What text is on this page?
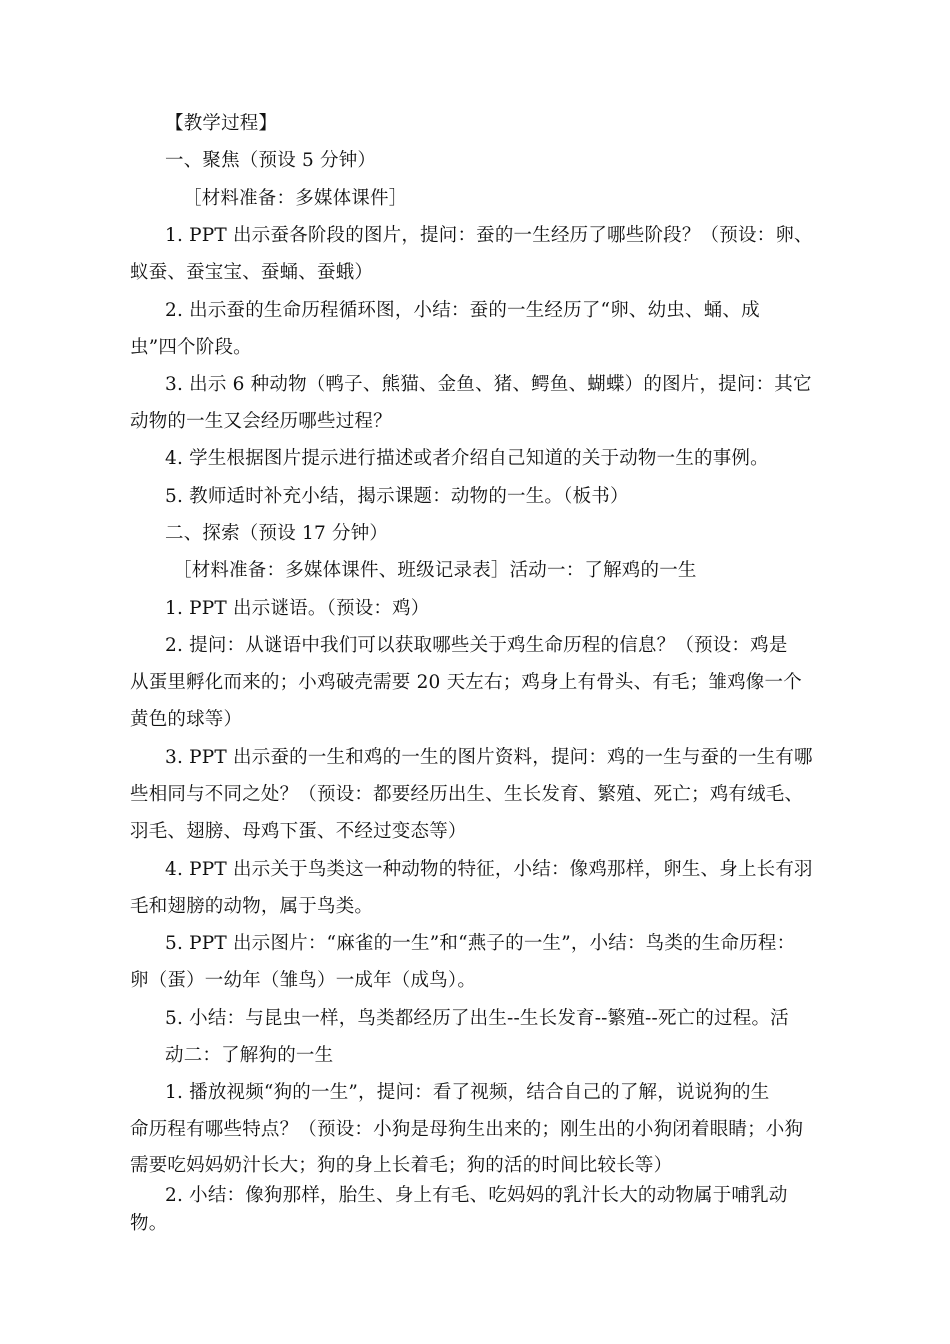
【教学过程】
一、聚焦（预设 5 分钟）
［材料准备：多媒体课件］
1. PPT 出示蚕各阶段的图片，提问：蚕的一生经历了哪些阶段？（预设：卵、
蚁蚕、蚕宝宝、蚕蛹、蚕蛾）
2. 出示蚕的生命历程循环图，小结：蚕的一生经历了“卵、幼虫、蛹、成
虫”四个阶段。
3. 出示 6 种动物（鸭子、熊猫、金鱼、猪、鳄鱼、蝴蝶）的图片，提问：其它
动物的一生又会经历哪些过程？
4. 学生根据图片提示进行描述或者介绍自己知道的关于动物一生的事例。
5. 教师适时补充小结，揭示课题：动物的一生。（板书）
二、探索（预设 17 分钟）
［材料准备：多媒体课件、班级记录表］活动一：了解鸡的一生
1. PPT 出示谜语。（预设：鸡）
2. 提问：从谜语中我们可以获取哪些关于鸡生命历程的信息？（预设：鸡是
从蛋里孵化而来的；小鸡破壳需要 20 天左右；鸡身上有骨头、有毛；雏鸡像一个
黄色的球等）
3. PPT 出示蚕的一生和鸡的一生的图片资料，提问：鸡的一生与蚕的一生有哪
些相同与不同之处？（预设：都要经历出生、生长发育、繁殖、死亡；鸡有绒毛、
羽毛、翅膀、母鸡下蛋、不经过变态等）
4. PPT 出示关于鸟类这一种动物的特征，小结：像鸡那样，卵生、身上长有羽
毛和翅膀的动物，属于鸟类。
5. PPT 出示图片：“麻雀的一生”和“燕子的一生”，小结：鸟类的生命历程：
卵（蛋）一幼年（雏鸟）一成年（成鸟）。
5. 小结：与昆虫一样，鸟类都经历了出生--生长发育--繁殖--死亡的过程。活
动二：了解狗的一生
1. 播放视频“狗的一生”，提问：看了视频，结合自己的了解，说说狗的生
命历程有哪些特点？（预设：小狗是母狗生出来的；刚生出的小狗闭着眼睛；小狗
需要吃妈妈奶汁长大；狗的身上长着毛；狗的活的时间比较长等）
2. 小结：像狗那样，胎生、身上有毛、吃妈妈的乳汁长大的动物属于哺乳动
物。
